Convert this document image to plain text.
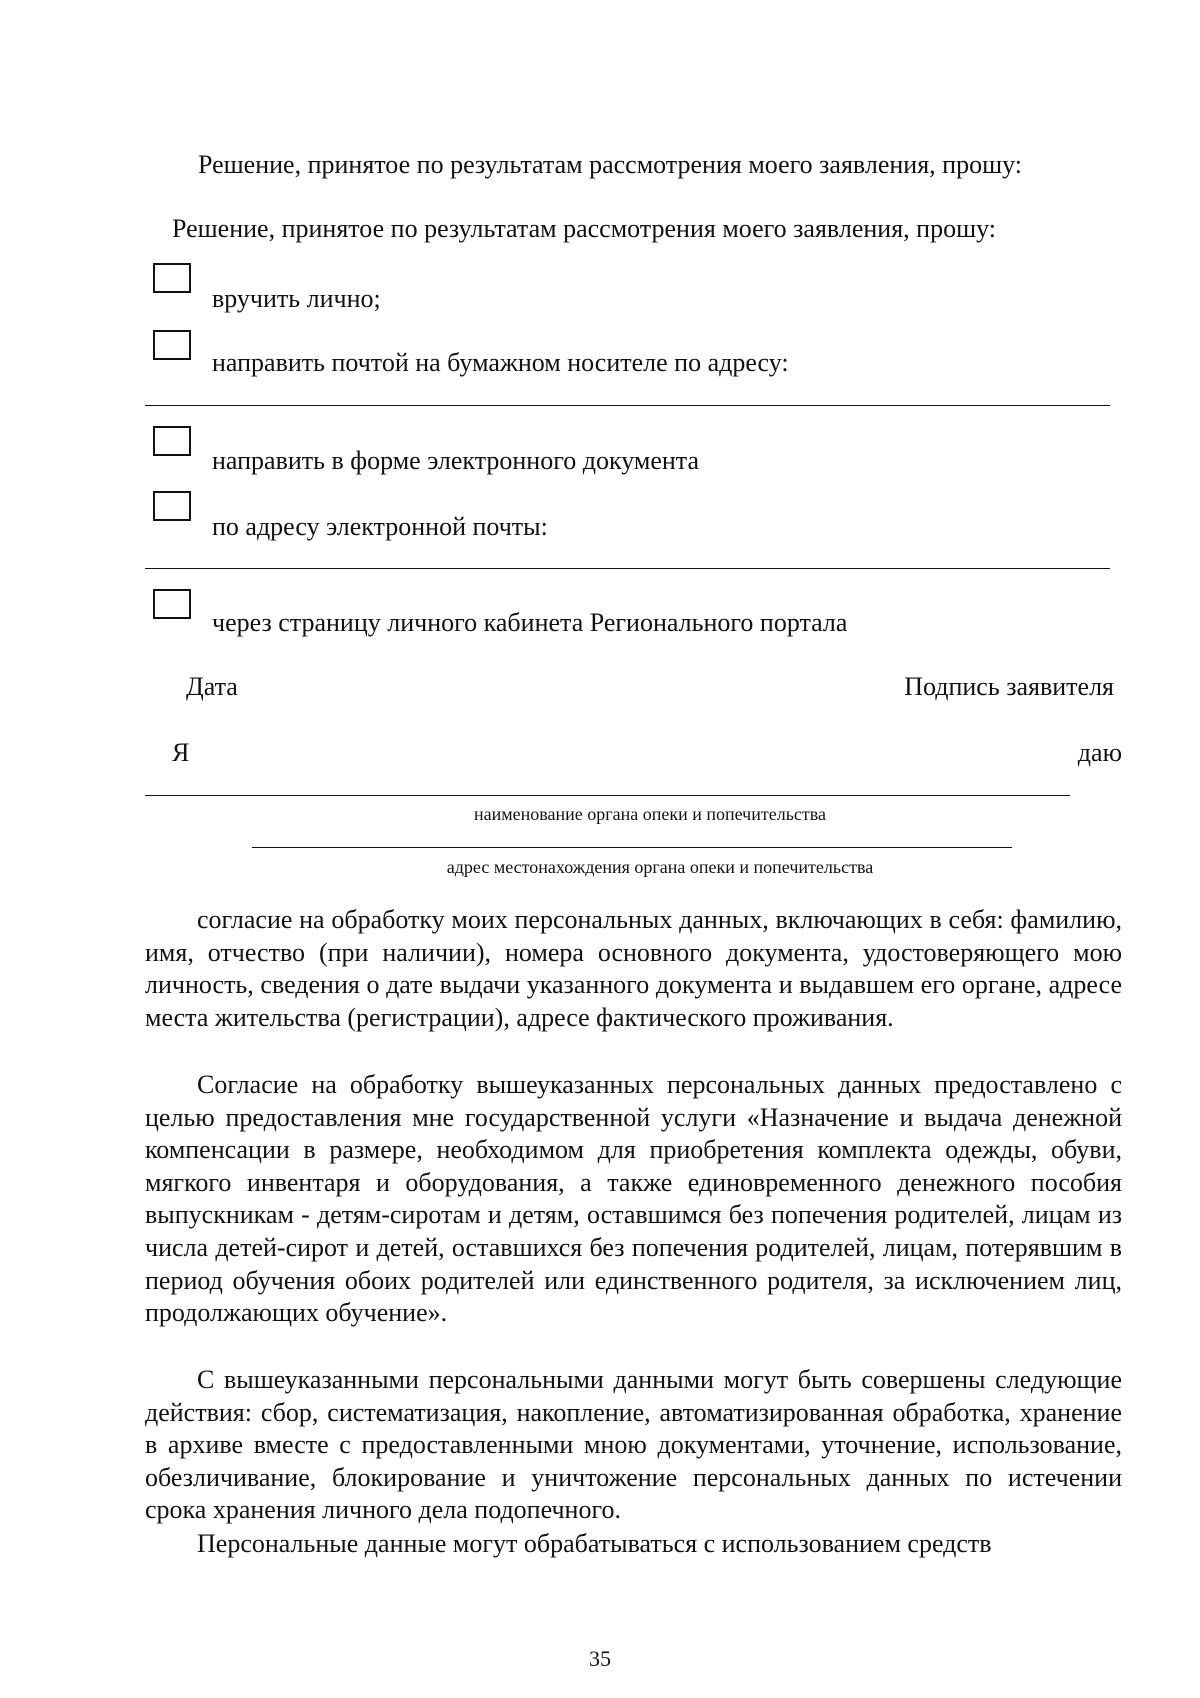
Решение, принятое по результатам рассмотрения моего заявления, прошу:
Решение, принятое по результатам рассмотрения моего заявления, прошу:
вручить лично;
направить почтой на бумажном носителе по адресу:
направить в форме электронного документа
по адресу электронной почты:
через страницу личного кабинета Регионального портала
Дата	Подпись заявителя
Я	даю
наименование органа опеки и попечительства
адрес местонахождения органа опеки и попечительства
согласие на обработку моих персональных данных, включающих в себя: фамилию, имя, отчество (при наличии), номера основного документа, удостоверяющего мою личность, сведения о дате выдачи указанного документа и выдавшем его органе, адресе места жительства (регистрации), адресе фактического проживания.
Согласие на обработку вышеуказанных персональных данных предоставлено с целью предоставления мне государственной услуги «Назначение и выдача денежной компенсации в размере, необходимом для приобретения комплекта одежды, обуви, мягкого инвентаря и оборудования, а также единовременного денежного пособия выпускникам - детям-сиротам и детям, оставшимся без попечения родителей, лицам из числа детей-сирот и детей, оставшихся без попечения родителей, лицам, потерявшим в период обучения обоих родителей или единственного родителя, за исключением лиц, продолжающих обучение».
С вышеуказанными персональными данными могут быть совершены следующие действия: сбор, систематизация, накопление, автоматизированная обработка, хранение в архиве вместе с предоставленными мною документами, уточнение, использование, обезличивание, блокирование и уничтожение персональных данных по истечении срока хранения личного дела подопечного.
Персональные данные могут обрабатываться с использованием средств
35
